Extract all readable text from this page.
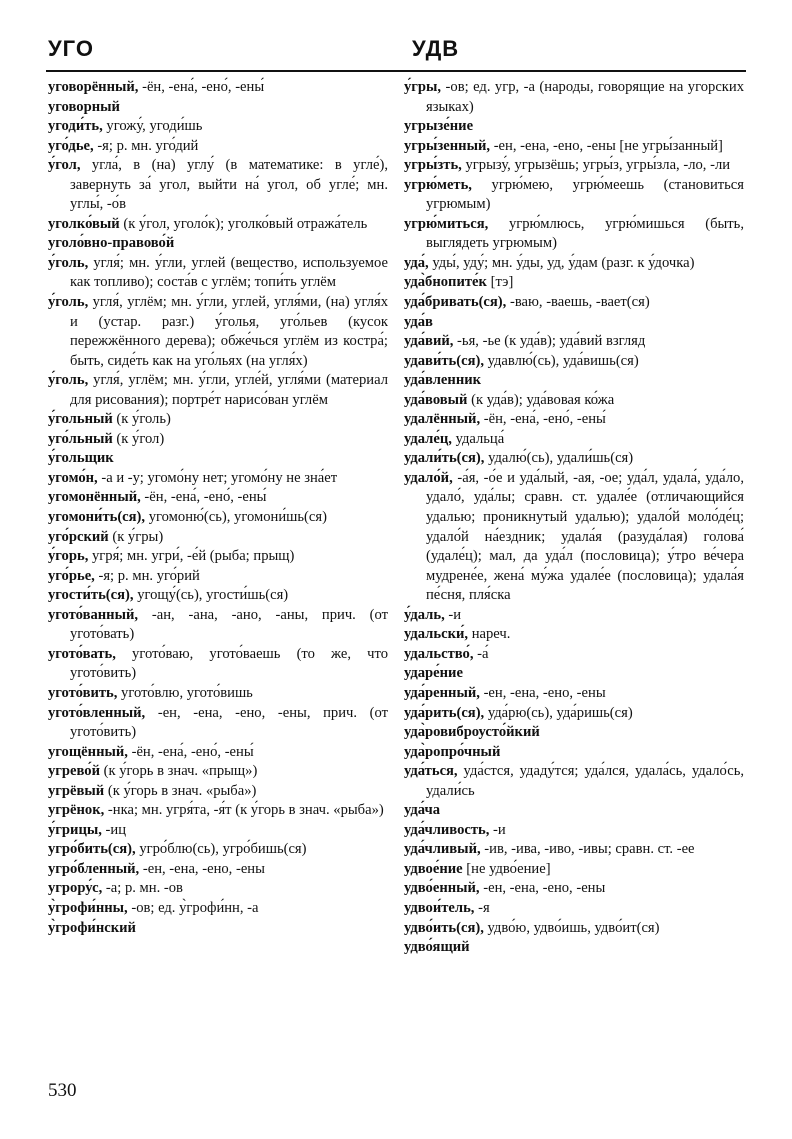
УГО	УДВ
уговорённый, -ён, -ена́, -ено́, -ены́
уговорный
угоди́ть, угожу́, угоди́шь
уго́дье, -я; р. мн. уго́дий
у́гол, угла́, в (на) углу́ (в математике: в угле́), завернуть за́ угол, выйти на́ угол, об угле́; мн. углы́, -о́в
уголко́вый (к у́гол, уголо́к); уголко́вый отража́тель
уголо́вно-правово́й
у́голь, угля́; мн. у́гли, углей (вещество, используемое как топливо); соста́в с углём; топи́ть углём
у́голь, угля́, углём; мн. у́гли, углей, угля́ми, (на) угля́х и (устар. разг.) у́голья, уго́льев (кусок пережжённого дерева); обже́чься углём из костра́; быть, сиде́ть как на уго́льях (на угля́х)
у́голь, угля́, углём; мн. у́гли, угле́й, угля́ми (материал для рисования); портре́т нарисо́ван углём
у́гольный (к у́голь)
уго́льный (к у́гол)
у́гольщик
угомо́н, -а и -у; угомо́ну нет; угомо́ну не зна́ет
угомонённый, -ён, -ена́, -ено́, -ены́
угомони́ть(ся), угомоню́(сь), угомони́шь(ся)
уго́рский (к у́гры)
у́горь, угря́; мн. угри́, -е́й (рыба; прыщ)
уго́рье, -я; р. мн. уго́рий
угости́ть(ся), угощу́(сь), угости́шь(ся)
угото́ванный, -ан, -ана, -ано, -аны, прич. (от угото́вать)
угото́вать, угото́ваю, угото́ваешь (то же, что угото́вить)
угото́вить, угото́влю, угото́вишь
угото́вленный, -ен, -ена, -ено, -ены, прич. (от угото́вить)
угощённый, -ён, -ена́, -ено́, -ены́
угрево́й (к у́горь в знач. «прыщ»)
угрёвый (к у́горь в знач. «рыба»)
угрёнок, -нка; мн. угря́та, -я́т (к у́горь в знач. «рыба»)
у́грицы, -иц
угро́бить(ся), угро́блю(сь), угро́бишь(ся)
угро́бленный, -ен, -ена, -ено, -ены
угрору́с, -а; р. мн. -ов
у̀грофи́нны, -ов; ед. у̀грофи́нн, -а
у̀грофи́нский
у́гры, -ов; ед. угр, -а (народы, говорящие на угорских языках)
угрызе́ние
угры́зенный, -ен, -ена, -ено, -ены [не угры́занный]
угры́зть, угрызу́, угрызёшь; угры́з, угры́зла, -ло, -ли
угрю́меть, угрю́мею, угрю́меешь (становиться угрюмым)
угрю́миться, угрю́млюсь, угрю́мишься (быть, выглядеть угрюмым)
уда́, уды́, уду́; мн. у́ды, уд, у́дам (разг. к у́дочка)
уда̀бнопите́к [тэ]
уда́бривать(ся), -ваю, -ваешь, -вает(ся)
уда́в
уда́вий, -ья, -ье (к уда́в); уда́вий взгляд
удави́ть(ся), удавлю́(сь), уда́вишь(ся)
уда́вленник
уда́вовый (к уда́в); уда́вовая ко́жа
удалённый, -ён, -ена́, -ено́, -ены́
удале́ц, удальца́
удали́ть(ся), удалю́(сь), удали́шь(ся)
удало́й, -а́я, -о́е и уда́лый, -ая, -ое; уда́л, удала́, уда́ло, удало́, уда́лы; сравн. ст. удале́е (отличающийся удалью; проникнутый удалью); удало́й моло́де́ц; удало́й на́ездник; удала́я (разуда́лая) голова́ (удале́ц); мал, да уда́л (пословица); у́тро ве́чера мудрене́е, жена́ му́жа удале́е (пословица); удала́я пе́сня, пля́ска
у́даль, -и
удальски́, нареч.
удальство́, -а́
ударе́ние
уда́ренный, -ен, -ена, -ено, -ены
уда́рить(ся), уда́рю(сь), уда́ришь(ся)
уда̀ровиброусто́йкий
уда̀ропро́чный
уда́ться, уда́стся, удаду́тся; уда́лся, удала́сь, удало́сь, удали́сь
уда́ча
уда́чливость, -и
уда́чливый, -ив, -ива, -иво, -ивы; сравн. ст. -ее
удвое́ние [не удво́ение]
удво́енный, -ен, -ена, -ено, -ены
удвои́тель, -я
удво́ить(ся), удво́ю, удво́ишь, удво́ит(ся)
удво́ящий
530
